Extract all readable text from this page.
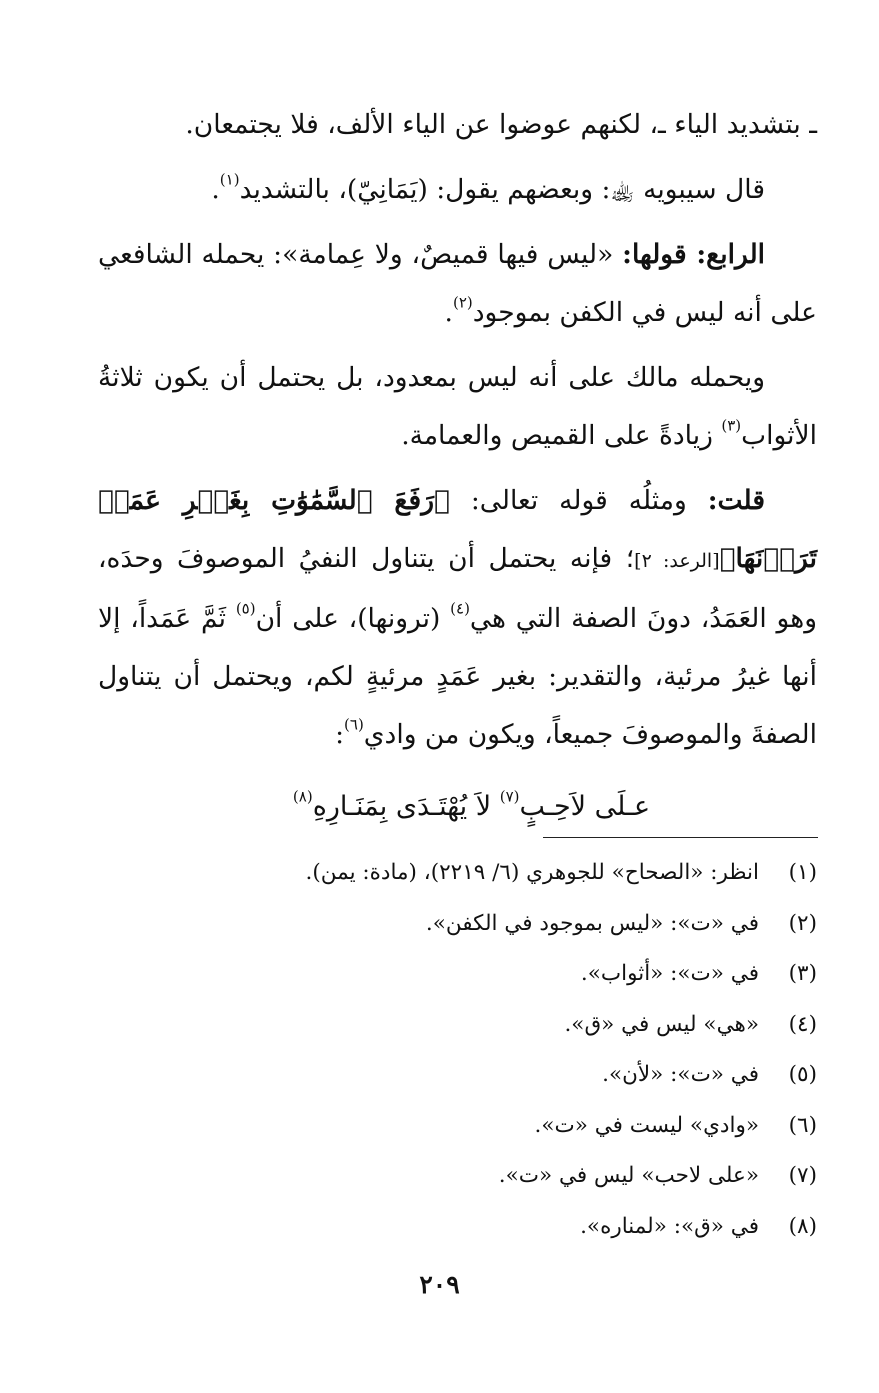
ـ بتشديد الياء ـ، لكنهم عوضوا عن الياء الألف، فلا يجتمعان.

قال سيبويه ﵀: وبعضهم يقول: (يَمَانِيّ)، بالتشديد$^{(١)}$.

الرابع: قولها: «ليس فيها قميصٌ، ولا عِمامة»: يحمله الشافعي على أنه ليس في الكفن بموجود$^{(٢)}$.

ويحمله مالك على أنه ليس بمعدود، بل يحتمل أن يكون ثلاثةُ الأثواب$^{(٣)}$ زيادةً على القميص والعمامة.

قلت: ومثلُه قوله تعالى: ﴿رَفَعَ ٱلسَّمَٰوَٰتِ بِغَيۡرِ عَمَدٖ تَرَوۡنَهَا﴾[الرعد: ٢]؛ فإنه يحتمل أن يتناول النفيُ الموصوفَ وحدَه، وهو العَمَدُ، دونَ الصفة التي هي$^{(٤)}$ (ترونها)، على أن$^{(٥)}$ ثَمَّ عَمَداً، إلا أنها غيرُ مرئية، والتقدير: بغير عَمَدٍ مرئيةٍ لكم، ويحتمل أن يتناول الصفةَ والموصوفَ جميعاً، ويكون من وادي$^{(٦)}$:

عـلَى لاَحِـبٍ$^{(٧)}$ لاَ يُهْتَـدَى بِمَنَـارِهِ$^{(٨)}$

(١)
انظر: «الصحاح» للجوهري (٦/ ٢٢١٩)، (مادة: يمن).
(٢)
في «ت»: «ليس بموجود في الكفن».
(٣)
في «ت»: «أثواب».
(٤)
«هي» ليس في «ق».
(٥)
في «ت»: «لأن».
(٦)
«وادي» ليست في «ت».
(٧)
«على لاحب» ليس في «ت».
(٨)
في «ق»: «لمناره».
٢٠٩
